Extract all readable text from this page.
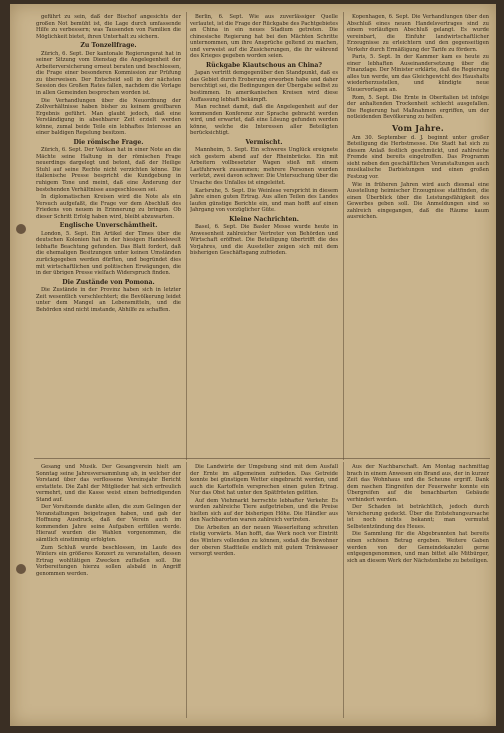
geführt zu sein, daß der Bischof angesichts der großen Not bemüht ist, die Lage durch umfassende Hilfe zu verbessern; was Tausenden von Familien die Möglichkeit bietet, ihren Unterhalt zu sichern.

Zu Tonzellfrage.

Zürich, 6. Sept. Der kantonale Regierungsrat hat in seiner Sitzung vom Dienstag die Angelegenheit der Arbeiterversicherung erneut beraten und beschlossen, die Frage einer besonderen Kommission zur Prüfung zu überweisen. Der Entscheid soll in der nächsten Session des Großen Rates fallen, nachdem die Vorlage in allen Gemeinden besprochen worden ist.

Die Verhandlungen über die Neuordnung der Zollverhältnisse haben bisher zu keinem greifbaren Ergebnis geführt. Man glaubt jedoch, daß eine Verständigung in absehbarer Zeit erzielt werden könne, zumal beide Teile ein lebhaftes Interesse an einer baldigen Regelung besitzen.

Die römische Frage.

Zürich, 6. Sept. Der Vatikan hat in einer Note an die Mächte seine Haltung in der römischen Frage neuerdings dargelegt und betont, daß der Heilige Stuhl auf seine Rechte nicht verzichten könne. Die italienische Presse bespricht die Kundgebung in ruhigem Tone und meint, daß eine Änderung der bestehenden Verhältnisse ausgeschlossen sei.

In diplomatischen Kreisen wird die Note als ein Versuch aufgefaßt, die Frage vor dem Abschluß des Friedens von neuem in Erinnerung zu bringen. Ob dieser Schritt Erfolg haben wird, bleibt abzuwarten.

Englische Unverschämtheit.

London, 5. Sept. Ein Artikel der Times über die deutschen Kolonien hat in der hiesigen Handelswelt lebhafte Beachtung gefunden. Das Blatt fordert, daß die ehemaligen Besitzungen unter keinen Umständen zurückgegeben werden dürften, und begründet dies mit wirtschaftlichen und politischen Erwägungen, die in der übrigen Presse vielfach Widerspruch finden.

Die Zustände von Pomona.

Die Zustände in der Provinz haben sich in letzter Zeit wesentlich verschlechtert; die Bevölkerung leidet unter dem Mangel an Lebensmitteln, und die Behörden sind nicht imstande, Abhilfe zu schaffen.

Berlin, 6. Sept. Wie aus zuverlässiger Quelle verlautet, ist die Frage der Rückgabe des Pachtgebietes an China in ein neues Stadium getreten. Die chinesische Regierung hat bei den Mächten Schritte unternommen, um ihre Ansprüche geltend zu machen, und verweist auf die Zusicherungen, die ihr während des Krieges gegeben worden seien.

Rückgabe Kiautschous an China?

Japan vertritt demgegenüber den Standpunkt, daß es das Gebiet durch Eroberung erworben habe und daher berechtigt sei, die Bedingungen der Übergabe selbst zu bestimmen. In amerikanischen Kreisen wird diese Auffassung lebhaft bekämpft.

Man rechnet damit, daß die Angelegenheit auf der kommenden Konferenz zur Sprache gebracht werden wird, und erwartet, daß eine Lösung gefunden werden könne, welche die Interessen aller Beteiligten berücksichtigt.

Vermischt.

Mannheim, 5. Sept. Ein schweres Unglück ereignete sich gestern abend auf der Rheinbrücke. Ein mit Arbeitern vollbesetzter Wagen stieß mit einem Lastfuhrwerk zusammen; mehrere Personen wurden verletzt, zwei davon schwer. Die Untersuchung über die Ursache des Unfalles ist eingeleitet.

Karlsruhe, 5. Sept. Die Weinlese verspricht in diesem Jahre einen guten Ertrag. Aus allen Teilen des Landes laufen günstige Berichte ein, und man hofft auf einen Jahrgang von vorzüglicher Güte.

Kleine Nachrichten.

Basel, 6. Sept. Die Basler Messe wurde heute in Anwesenheit zahlreicher Vertreter von Behörden und Wirtschaft eröffnet. Die Beteiligung übertrifft die des Vorjahres, und die Aussteller zeigen sich mit dem bisherigen Geschäftsgang zufrieden.

Kopenhagen, 6. Sept. Die Verhandlungen über den Abschluß eines neuen Handelsvertrages sind zu einem vorläufigen Abschluß gelangt. Es wurde vereinbart, die Einfuhr landwirtschaftlicher Erzeugnisse zu erleichtern und den gegenseitigen Verkehr durch Ermäßigung der Tarife zu fördern.

Paris, 5. Sept. In der Kammer kam es heute zu einer lebhaften Auseinandersetzung über die Finanzlage. Der Minister erklärte, daß die Regierung alles tun werde, um das Gleichgewicht des Haushalts wiederherzustellen, und kündigte neue Steuervorlagen an.

Rom, 5. Sept. Die Ernte in Oberitalien ist infolge der anhaltenden Trockenheit schlecht ausgefallen. Die Regierung hat Maßnahmen ergriffen, um der notleidenden Bevölkerung zu helfen.

Vom Jahre.

Am 30. September d. J. beginnt unter großer Beteiligung die Herbstmesse. Die Stadt hat sich zu diesem Anlaß festlich geschmückt, und zahlreiche Fremde sind bereits eingetroffen. Das Programm sieht neben den geschäftlichen Veranstaltungen auch musikalische Darbietungen und einen großen Festzug vor.

Wie in früheren Jahren wird auch diesmal eine Ausstellung heimischer Erzeugnisse stattfinden, die einen Überblick über die Leistungsfähigkeit des Gewerbes geben soll. Die Anmeldungen sind so zahlreich eingegangen, daß die Räume kaum ausreichen.

Gesang und Musik. Der Gesangverein hielt am Sonntag seine Jahresversammlung ab, in welcher der Vorstand über das verflossene Vereinsjahr Bericht erstattete. Die Zahl der Mitglieder hat sich erfreulich vermehrt, und die Kasse weist einen befriedigenden Stand auf.

Der Vorsitzende dankte allen, die zum Gelingen der Veranstaltungen beigetragen haben, und gab der Hoffnung Ausdruck, daß der Verein auch im kommenden Jahre seine Aufgaben erfüllen werde. Hierauf wurden die Wahlen vorgenommen, die sämtlich einstimmig erfolgten.

Zum Schluß wurde beschlossen, im Laufe des Winters ein größeres Konzert zu veranstalten, dessen Ertrag wohltätigen Zwecken zufließen soll. Die Vorbereitungen hierzu sollen alsbald in Angriff genommen werden.

Die Landwirte der Umgebung sind mit dem Ausfall der Ernte im allgemeinen zufrieden. Das Getreide konnte bei günstigem Wetter eingebracht werden, und auch die Kartoffeln versprechen einen guten Ertrag. Nur das Obst hat unter den Spätfrösten gelitten.

Auf dem Viehmarkt herrschte lebhafter Verkehr. Es wurden zahlreiche Tiere aufgetrieben, und die Preise hielten sich auf der bisherigen Höhe. Die Händler aus den Nachbarorten waren zahlreich vertreten.

Die Arbeiten an der neuen Wasserleitung schreiten rüstig vorwärts. Man hofft, das Werk noch vor Eintritt des Winters vollenden zu können, sodaß die Bewohner der oberen Stadtteile endlich mit gutem Trinkwasser versorgt werden.

Aus der Nachbarschaft. Am Montag nachmittag brach in einem Anwesen ein Brand aus, der in kurzer Zeit das Wohnhaus und die Scheune ergriff. Dank dem raschen Eingreifen der Feuerwehr konnte ein Übergreifen auf die benachbarten Gebäude verhindert werden.

Der Schaden ist beträchtlich, jedoch durch Versicherung gedeckt. Über die Entstehungsursache ist noch nichts bekannt; man vermutet Selbstentzündung des Heues.

Die Sammlung für die Abgebrannten hat bereits einen schönen Betrag ergeben. Weitere Gaben werden von der Gemeindekanzlei gerne entgegengenommen, und man bittet alle Mitbürger, sich an diesem Werk der Nächstenliebe zu beteiligen.
